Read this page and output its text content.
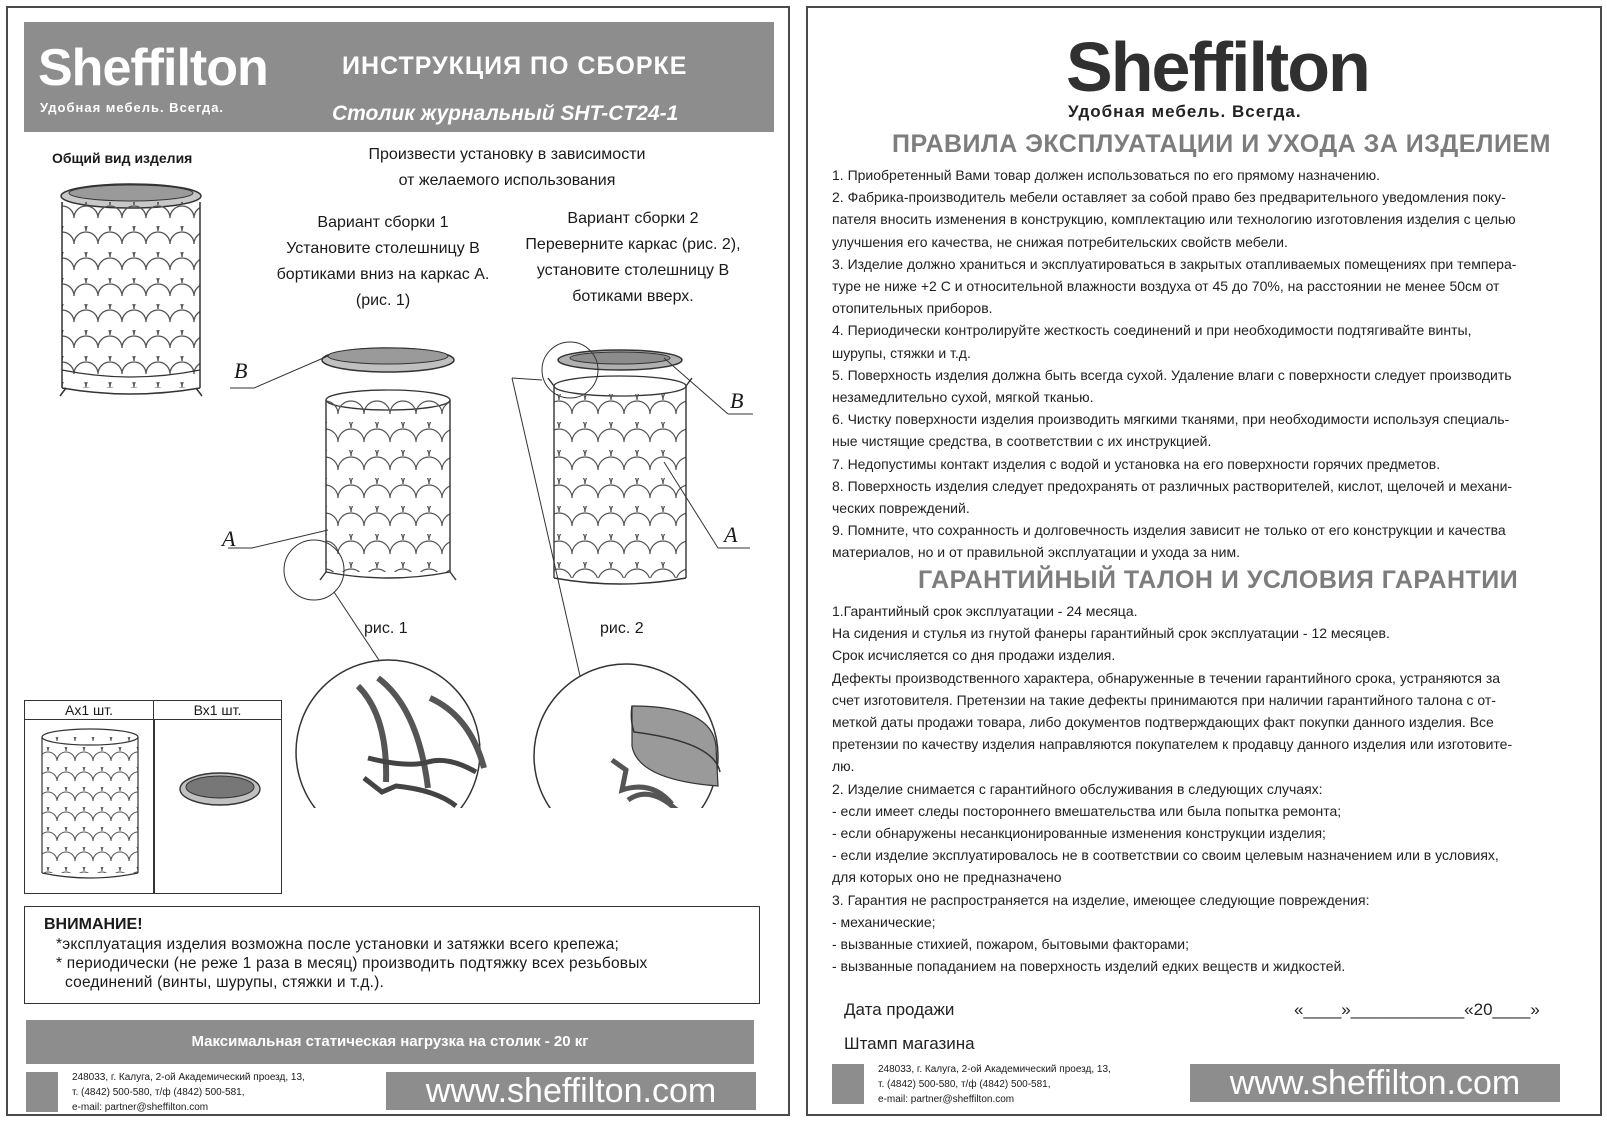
Sheffilton
Удобная мебель. Всегда.
ИНСТРУКЦИЯ ПО СБОРКЕ
Столик журнальный SHT-CT24-1
Общий вид изделия	Произвести установку в зависимости
от желаемого использования
Вариант сборки 1
Установите столешницу В
бортиками вниз на каркас А.
(рис. 1)
Вариант сборки 2
Переверните каркас (рис. 2),
установите столешницу В
ботиками вверх.
B
A
B
A
рис. 1	рис. 2
Ах1 шт.	Вх1 шт.
ВНИМАНИЕ!
*эксплуатация изделия возможна после установки и затяжки всего крепежа;
* периодически (не реже 1 раза в месяц) производить подтяжку всех резьбовых
соединений (винты, шурупы, стяжки и т.д.).
Максимальная статическая нагрузка на столик - 20 кг
248033, г. Калуга, 2-ой Академический проезд, 13,
т. (4842) 500-580, т/ф (4842) 500-581,
e-mail: partner@sheffilton.com	www.sheffilton.com
Sheffilton
Удобная мебель. Всегда.
ПРАВИЛА ЭКСПЛУАТАЦИИ И УХОДА ЗА ИЗДЕЛИЕМ
1. Приобретенный Вами товар должен использоваться по его прямому назначению.
2. Фабрика-производитель мебели оставляет за собой право без предварительного уведомления поку-
пателя вносить изменения в конструкцию, комплектацию или технологию изготовления изделия с целью
улучшения его качества, не снижая потребительских свойств мебели.
3. Изделие должно храниться и эксплуатироваться в закрытых отапливаемых помещениях при темпера-
туре не ниже +2 С и относительной влажности воздуха от 45 до 70%, на расстоянии не менее 50см от
отопительных приборов.
4. Периодически контролируйте жесткость соединений и при необходимости подтягивайте винты,
шурупы, стяжки и т.д.
5. Поверхность изделия должна быть всегда сухой. Удаление влаги с поверхности следует производить
незамедлительно сухой, мягкой тканью.
6. Чистку поверхности изделия производить мягкими тканями, при необходимости используя специаль-
ные чистящие средства, в соответствии с их инструкцией.
7. Недопустимы контакт изделия с водой и установка на его поверхности горячих предметов.
8. Поверхность изделия следует предохранять от различных растворителей, кислот, щелочей и механи-
ческих повреждений.
9. Помните, что сохранность и долговечность изделия зависит не только от его конструкции и качества
материалов, но и от правильной эксплуатации и ухода за ним.
ГАРАНТИЙНЫЙ ТАЛОН И УСЛОВИЯ ГАРАНТИИ
1.Гарантийный срок эксплуатации - 24 месяца.
На сидения и стулья из гнутой фанеры гарантийный срок эксплуатации - 12 месяцев.
Срок исчисляется со дня продажи изделия.
Дефекты производственного характера, обнаруженные в течении гарантийного срока, устраняются за
счет изготовителя. Претензии на такие дефекты принимаются при наличии гарантийного талона с от-
меткой даты продажи товара, либо документов подтверждающих факт покупки данного изделия. Все
претензии по качеству изделия направляются покупателем к продавцу данного изделия или изготовите-
лю.
2. Изделие снимается с гарантийного обслуживания в следующих случаях:
- если имеет следы постороннего вмешательства или была попытка ремонта;
- если обнаружены несанкционированные изменения конструкции изделия;
- если изделие эксплуатировалось не в соответствии со своим целевым назначением или в условиях,
для которых оно не предназначено
3. Гарантия не распространяется на изделие, имеющее следующие повреждения:
- механические;
- вызванные стихией, пожаром, бытовыми факторами;
- вызванные попаданием на поверхность изделий едких веществ и жидкостей.
Дата продажи	«____»____________«20____»
Штамп магазина
248033, г. Калуга, 2-ой Академический проезд, 13,
т. (4842) 500-580, т/ф (4842) 500-581,
e-mail: partner@sheffilton.com	www.sheffilton.com
